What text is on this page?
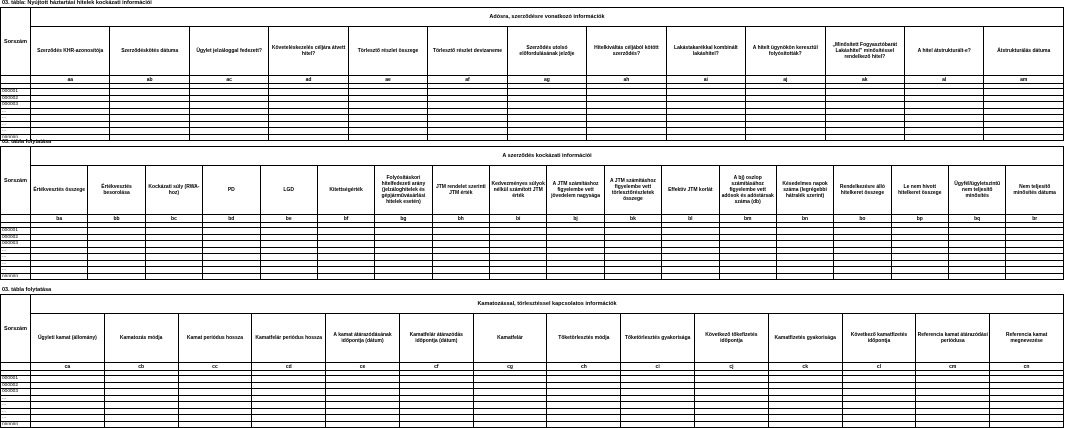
03. tábla: Nyújtott háztartási hitelek kockázati információi
Sorszám	Adósra, szerződésre vonatkozó információk												
	Szerződés KHR-azonosítója	Szerződéskötés dátuma	Ügylet jelzáloggal fedezett?	Követeléskezelés céljára átvett hitel?	Törlesztő részlet összege	Törlesztő részlet devizaneme	Szerződés utolsó előfordulásának jelzője	Hitelkiváltás céljából kötött szerződés?	Lakástakarékkal kombinált lakáshitel?	A hitelt ügynökön keresztül folyósították?	„Minősített Fogyasztóbarát Lakáshitel” minősítéssel rendelkező hitel?	A hitel átstrukturált-e?	Átstrukturálás dátuma
	aa	ab	ac	ad	ae	af	ag	ah	ai	aj	ak	al	am

000001													
000002													
000003													
...													
...													
...													
...													
nnnnnn													
03. tábla folytatása
Sorszám	A szerződés kockázati információi																	
	Értékvesztés összege	Értékvesztés besorolása	Kockázati súly (RWA-hoz)	PD	LGD	Kitettségérték	Folyósításkori hitelfedezeti arány (jelzáloghitelek és gépjárművásárlási hitelek esetén)	JTM rendelet szerinti JTM érték	Kedvezményes súlyok nélkül számított JTM érték	A JTM számításhoz figyelembe vett jövedelem nagysága	A JTM számításhoz figyelembe vett törlesztőrészletek összege	Effektív JTM korlát	A bj) oszlop számításához figyelembe vett adósok és adóstársak száma (db)	Késedelmes napok száma (legrégebbi hátralék szerint)	Rendelkezésre álló hitelkeret összege	Le nem hívott hitelkeret összege	Ügyfél/ügyletszintű nem teljesítő minősítés	Nem teljesítő minősítés dátuma
	ba	bb	bc	bd	be	bf	bg	bh	bi	bj	bk	bl	bm	bn	bo	bp	bq	br

000001																		
000002																		
000003																		
...																		
...																		
...																		
...																		
nnnnnn																		
03. tábla folytatása
Sorszám	Kamatozással, törlesztéssel kapcsolatos információk													
	Ügyleti kamat (állomány)	Kamatozás módja	Kamat periódus hossza	Kamatfelár periódus hossza	A kamat átárazódásának időpontja (dátum)	Kamatfelár átárazódás időpontja (dátum)	Kamatfelár	Tőketörlesztés módja	Tőketörlesztés gyakorisága	Következő tőkefizetés időpontja	Kamatfizetés gyakorisága	Következő kamatfizetés időpontja	Referencia kamat átárazódási periódusa	Referencia kamat megnevezése
	ca	cb	cc	cd	ce	cf	cg	ch	ci	cj	ck	cl	cm	cn

000001														
000002														
000003														
...														
...														
...														
...														
nnnnnn														
